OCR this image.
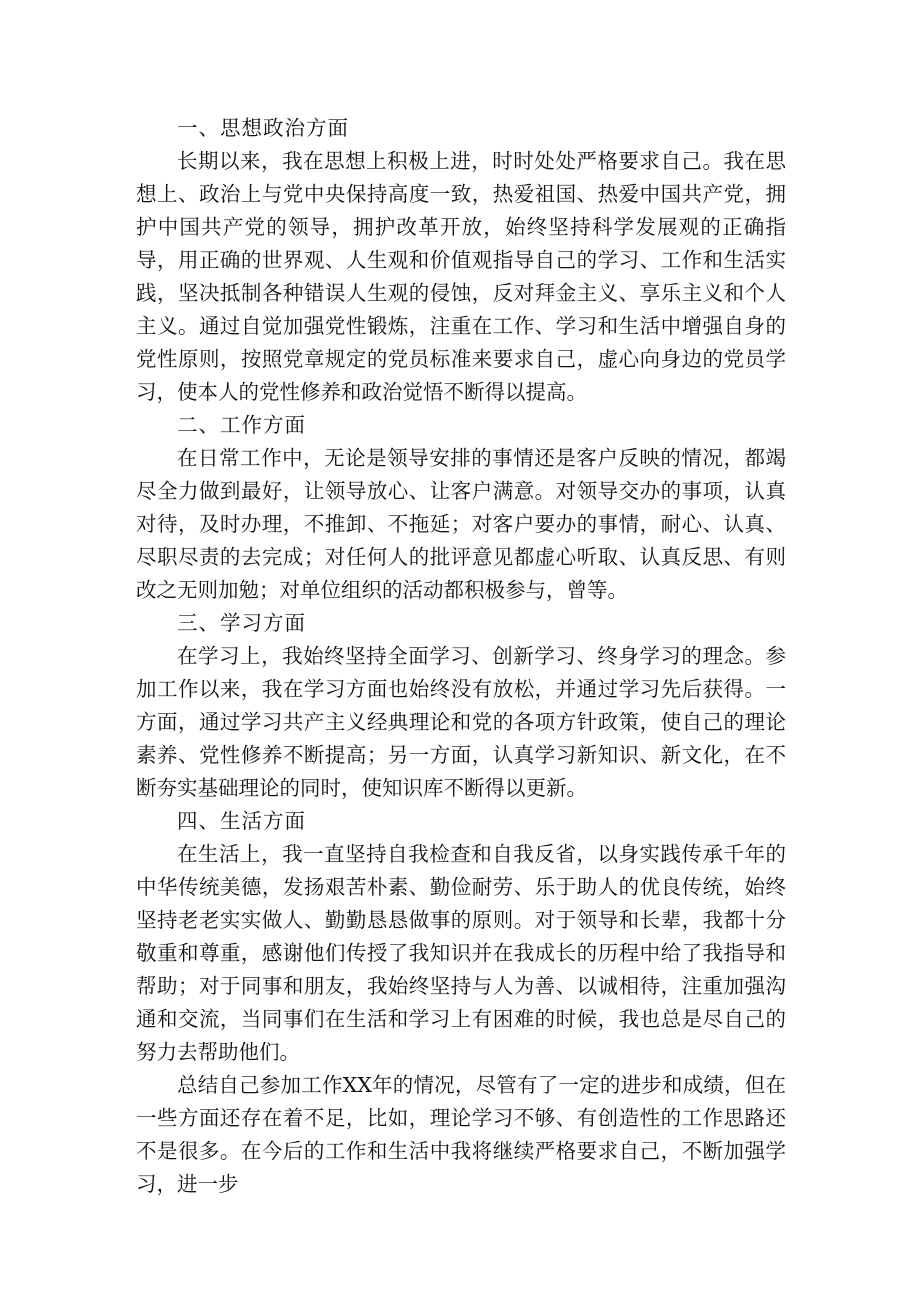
一、思想政治方面

长期以来，我在思想上积极上进，时时处处严格要求自己。我在思想上、政治上与党中央保持高度一致，热爱祖国、热爱中国共产党，拥护中国共产党的领导，拥护改革开放，始终坚持科学发展观的正确指导，用正确的世界观、人生观和价值观指导自己的学习、工作和生活实践，坚决抵制各种错误人生观的侵蚀，反对拜金主义、享乐主义和个人主义。通过自觉加强党性锻炼，注重在工作、学习和生活中增强自身的党性原则，按照党章规定的党员标准来要求自己，虚心向身边的党员学习，使本人的党性修养和政治觉悟不断得以提高。

二、工作方面

在日常工作中，无论是领导安排的事情还是客户反映的情况，都竭尽全力做到最好，让领导放心、让客户满意。对领导交办的事项，认真对待，及时办理，不推卸、不拖延；对客户要办的事情，耐心、认真、尽职尽责的去完成；对任何人的批评意见都虚心听取、认真反思、有则改之无则加勉；对单位组织的活动都积极参与，曾等。

三、学习方面

在学习上，我始终坚持全面学习、创新学习、终身学习的理念。参加工作以来，我在学习方面也始终没有放松，并通过学习先后获得。一方面，通过学习共产主义经典理论和党的各项方针政策，使自己的理论素养、党性修养不断提高；另一方面，认真学习新知识、新文化，在不断夯实基础理论的同时，使知识库不断得以更新。

四、生活方面

在生活上，我一直坚持自我检查和自我反省，以身实践传承千年的中华传统美德，发扬艰苦朴素、勤俭耐劳、乐于助人的优良传统，始终坚持老老实实做人、勤勤恳恳做事的原则。对于领导和长辈，我都十分敬重和尊重，感谢他们传授了我知识并在我成长的历程中给了我指导和帮助；对于同事和朋友，我始终坚持与人为善、以诚相待，注重加强沟通和交流，当同事们在生活和学习上有困难的时候，我也总是尽自己的努力去帮助他们。

总结自己参加工作XX年的情况，尽管有了一定的进步和成绩，但在一些方面还存在着不足，比如，理论学习不够、有创造性的工作思路还不是很多。在今后的工作和生活中我将继续严格要求自己，不断加强学习，进一步
